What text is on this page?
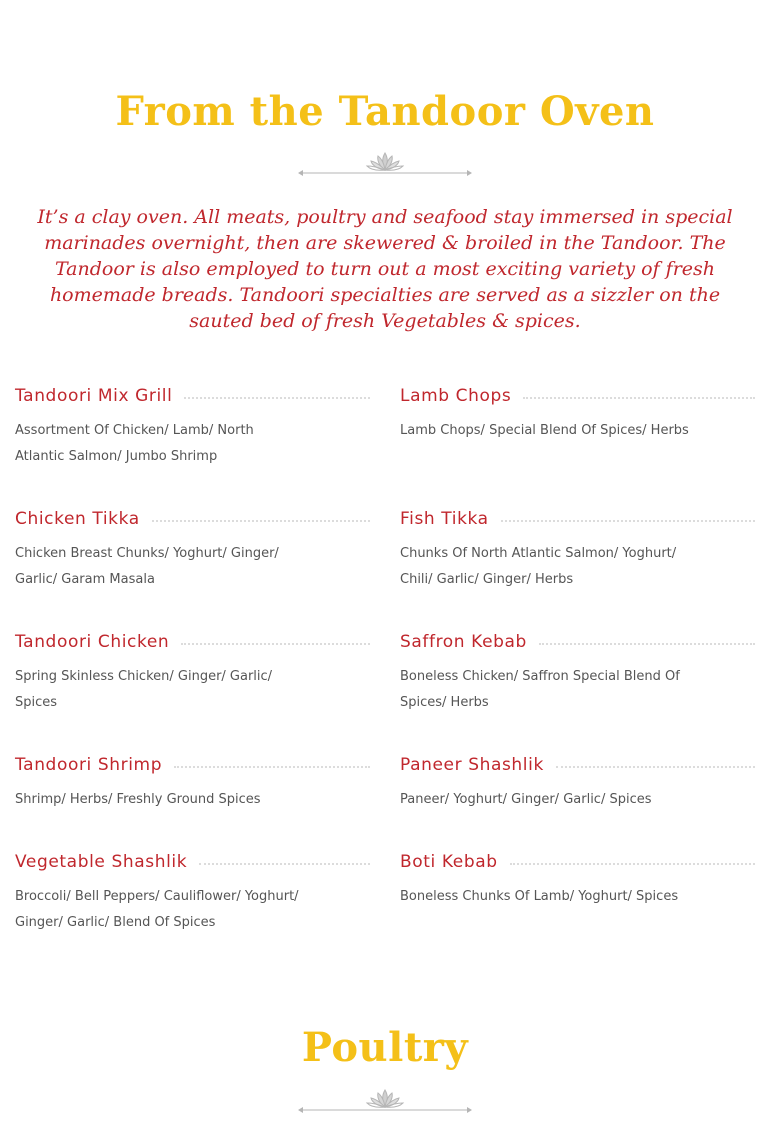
From the Tandoor Oven

It’s a clay oven. All meats, poultry and seafood stay immersed in special marinades overnight, then are skewered & broiled in the Tandoor. The Tandoor is also employed to turn out a most exciting variety of fresh homemade breads. Tandoori specialties are served as a sizzler on the sauted bed of fresh Vegetables & spices.

Tandoori Mix Grill
Assortment Of Chicken/ Lamb/ North Atlantic Salmon/ Jumbo Shrimp
Lamb Chops
Lamb Chops/ Special Blend Of Spices/ Herbs
Chicken Tikka
Chicken Breast Chunks/ Yoghurt/ Ginger/ Garlic/ Garam Masala
Fish Tikka
Chunks Of North Atlantic Salmon/ Yoghurt/ Chili/ Garlic/ Ginger/ Herbs
Tandoori Chicken
Spring Skinless Chicken/ Ginger/ Garlic/ Spices
Saffron Kebab
Boneless Chicken/ Saffron Special Blend Of Spices/ Herbs
Tandoori Shrimp
Shrimp/ Herbs/ Freshly Ground Spices
Paneer Shashlik
Paneer/ Yoghurt/ Ginger/ Garlic/ Spices
Vegetable Shashlik
Broccoli/ Bell Peppers/ Cauliflower/ Yoghurt/ Ginger/ Garlic/ Blend Of Spices
Boti Kebab
Boneless Chunks Of Lamb/ Yoghurt/ Spices
Poultry
